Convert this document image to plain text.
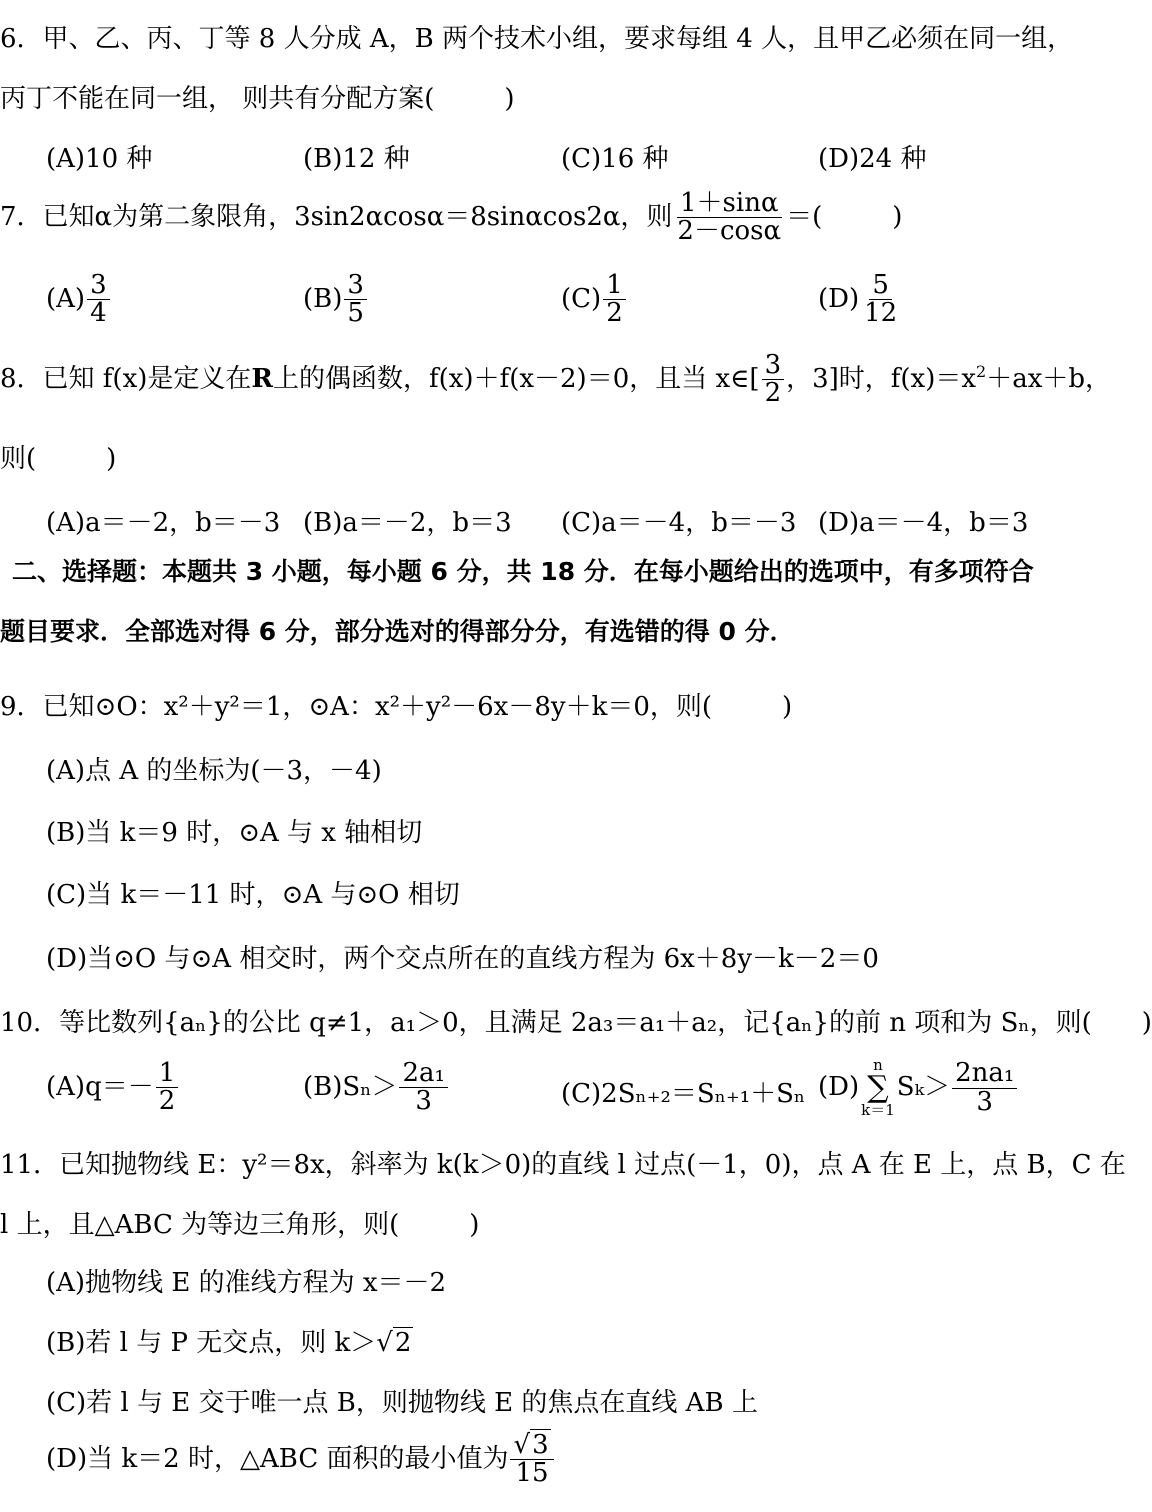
6．甲、乙、丙、丁等 8 人分成 A，B 两个技术小组，要求每组 4 人，且甲乙必须在同一组，
丙丁不能在同一组， 则共有分配方案(	)
(A)10 种	(B)12 种	(C)16 种	(D)24 种
7．已知α为第二象限角，3sin2αcosα＝8sinαcos2α，则 $\frac{1+\sin\alpha}{2-\cos\alpha}$ ＝(	)
$(A) \frac{3}{4}$	$(B) \frac{3}{5}$	$(C) \frac{1}{2}$	$(D) \frac{5}{12}$
8．已知 f(x)是定义在R上的偶函数，f(x)＋f(x－2)＝0，且当 x∈[ $\frac{3}{2}$ ，3]时，$f(x)=x^2+ax+b$，
则(	)
(A)a＝－2，b＝－3 (B)a＝－2，b＝3 (C)a＝－4，b＝－3 (D)a＝－4，b＝3
二、选择题：本题共 3 小题，每小题 6 分，共 18 分．在每小题给出的选项中，有多项符合
题目要求．全部选对得 6 分，部分选对的得部分分，有选错的得 0 分．
9．已知⊙O：x²＋y²＝1，⊙A：x²＋y²－6x－8y＋k＝0，则(	)
(A)点 A 的坐标为(－3，－4)
(B)当 k＝9 时，⊙A 与 x 轴相切
(C)当 k＝－11 时，⊙A 与⊙O 相切
(D)当⊙O 与⊙A 相交时，两个交点所在的直线方程为 6x＋8y－k－2＝0
10．等比数列{aₙ}的公比 q≠1，a₁＞0，且满足 2a₃＝a₁＋a₂，记{aₙ}的前 n 项和为 Sₙ，则( )
$(A)q=- \frac{1}{2}$	$(B)S_n> \frac{\text{2a₁}}{3}$	(C)2Sₙ₊₂＝Sₙ₊₁＋Sₙ (D)
n
∑
k＝1
$S_k> \frac{\text{2na₁}}{3}$
11．已知抛物线 E：y²＝8x，斜率为 k(k＞0)的直线 l 过点(－1，0)，点 A 在 E 上，点 B，C 在
l 上，且△ABC 为等边三角形，则(	)
(A)抛物线 E 的准线方程为 x＝－2
(B)若 l 与 P 无交点，则 k＞√2
(C)若 l 与 E 交于唯一点 B，则抛物线 E 的焦点在直线 AB 上
(D)当 k＝2 时，△ABC 面积的最小值为 $\frac{√3}{15}$
